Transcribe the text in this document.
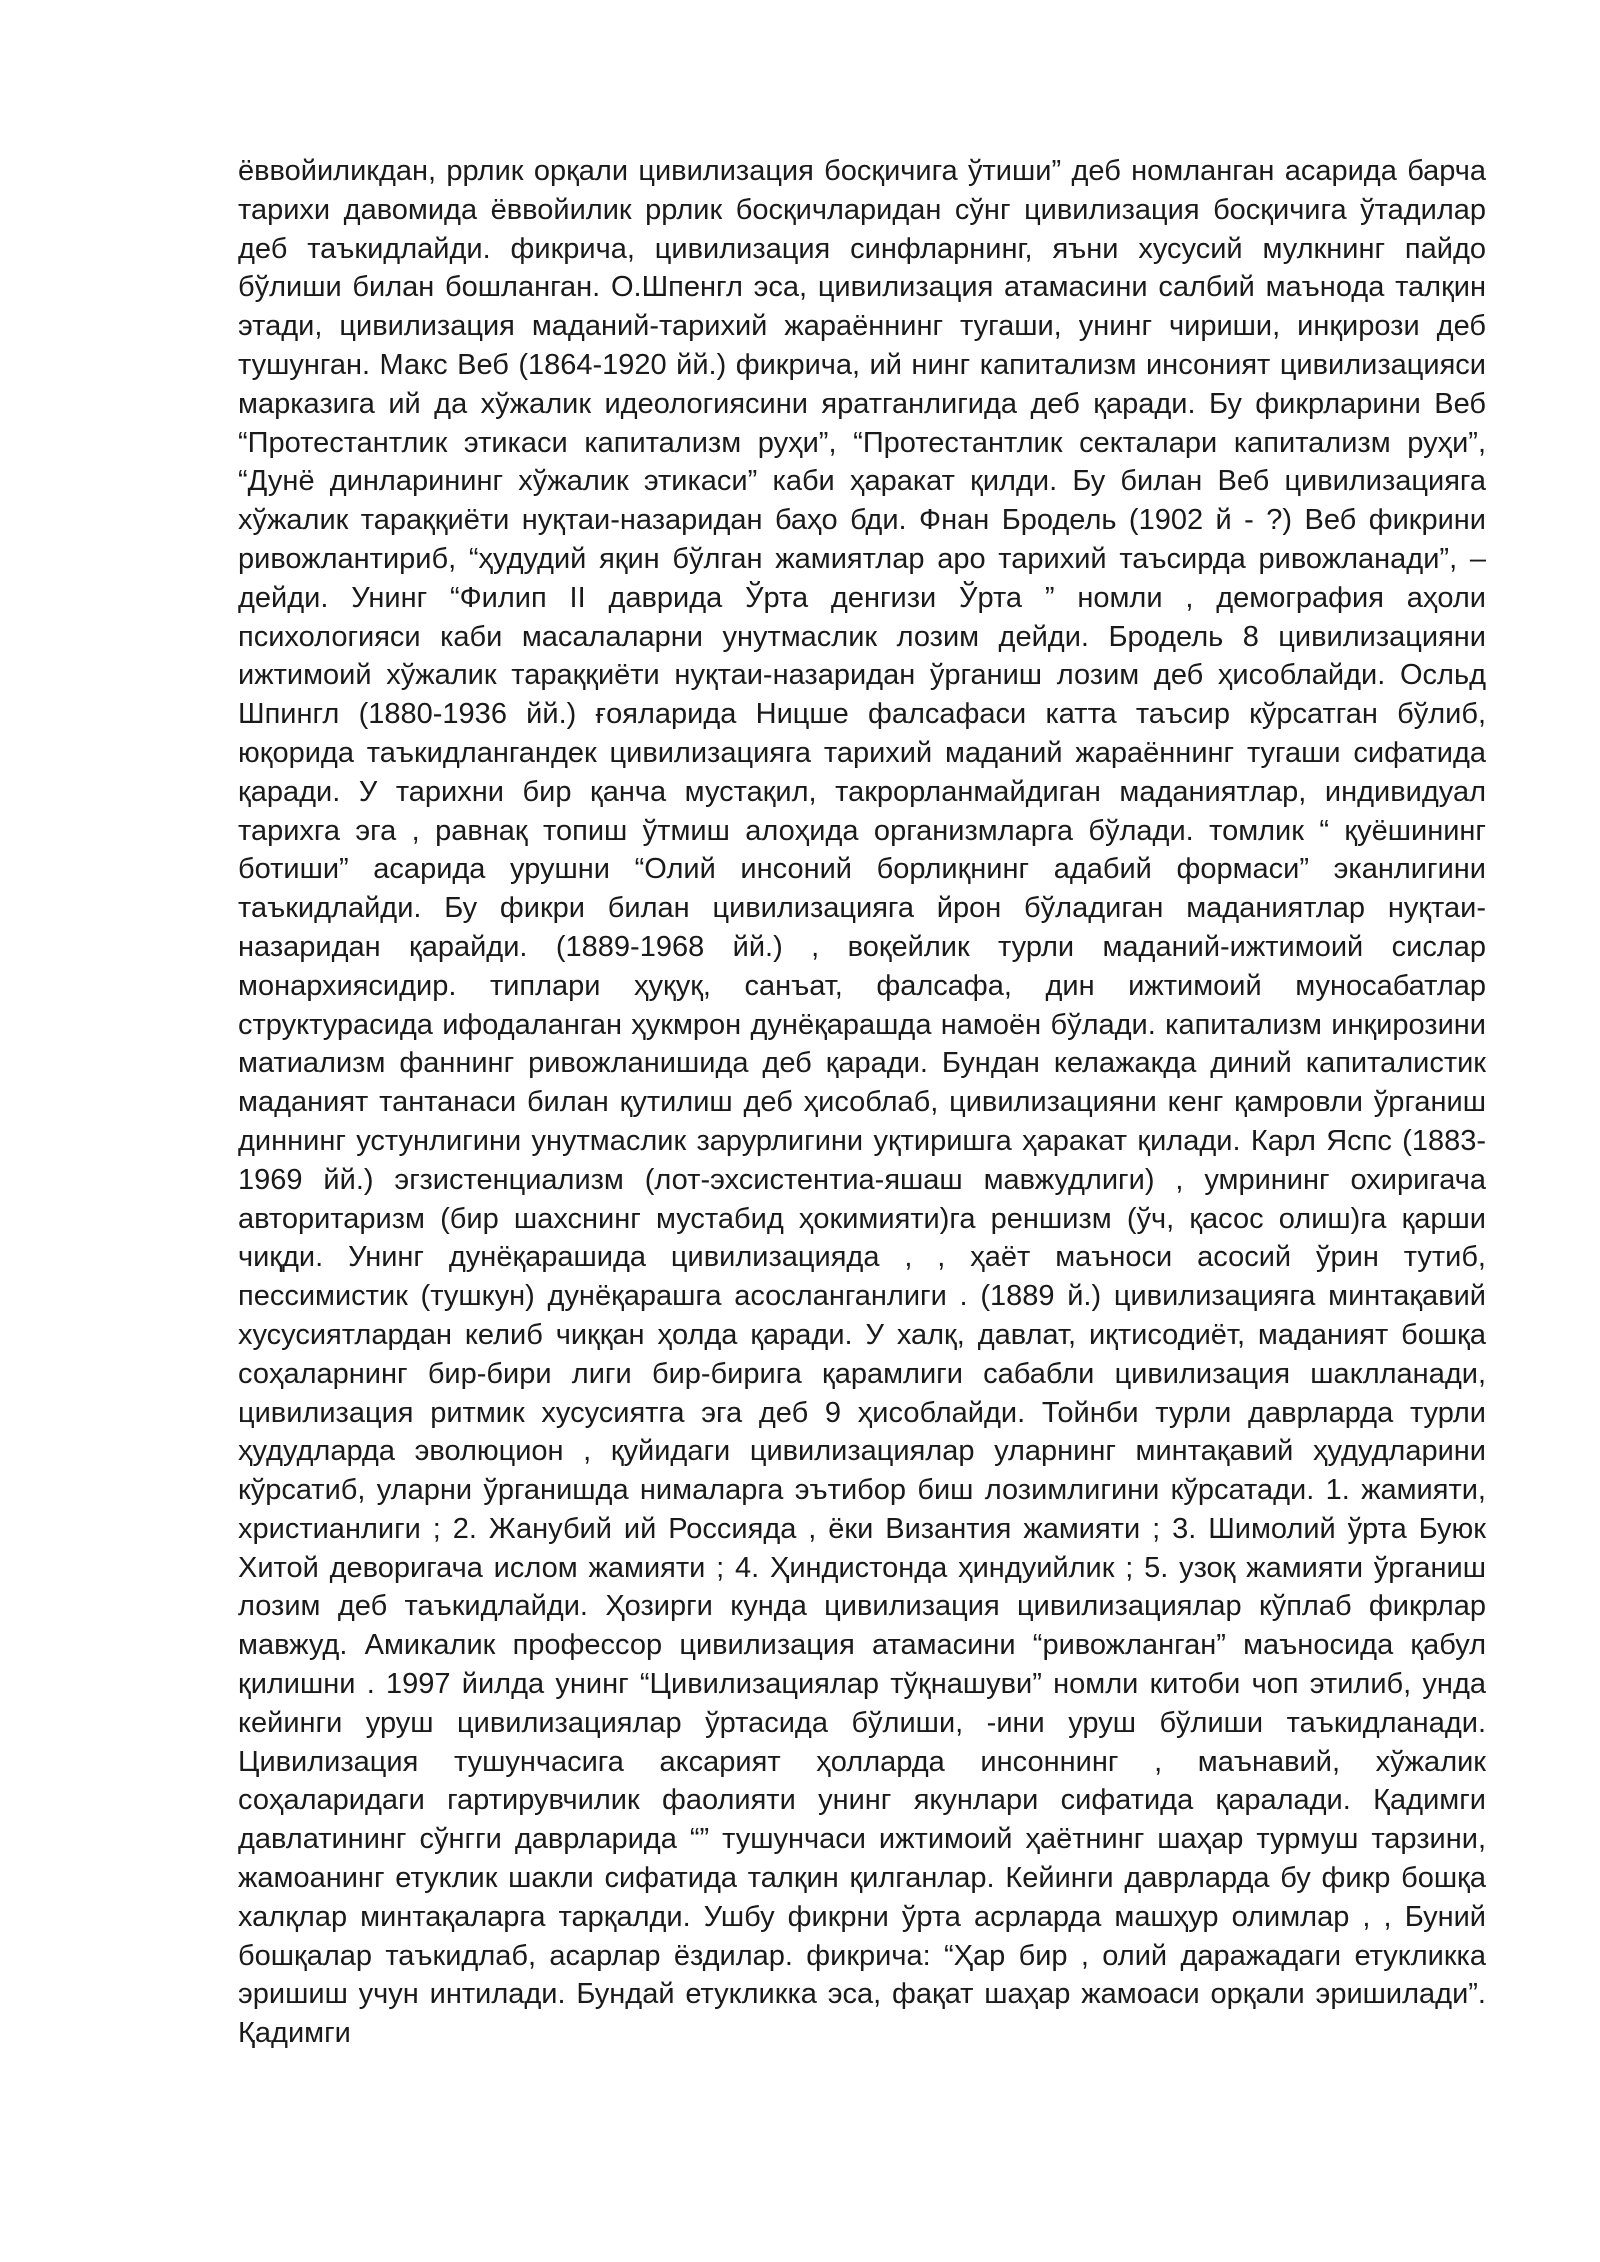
ёввойиликдан, ррлик орқали цивилизация босқичига ўтиши” деб номланган асарида барча тарихи давомида ёввойилик ррлик босқичларидан сўнг цивилизация босқичига ўтадилар деб таъкидлайди. фикрича, цивилизация синфларнинг, яъни хусусий мулкнинг пайдо бўлиши билан бошланган. О.Шпенгл эса, цивилизация атамасини салбий маънода талқин этади, цивилизация маданий-тарихий жараённинг тугаши, унинг чириши, инқирози деб тушунган. Макс Веб (1864-1920 йй.) фикрича, ий нинг капитализм инсоният цивилизацияси марказига ий да хўжалик идеологиясини яратганлигида деб қаради. Бу фикрларини Веб “Протестантлик этикаси капитализм руҳи”, “Протестантлик секталари капитализм руҳи”, “Дунё динларининг хўжалик этикаси” каби ҳаракат қилди. Бу билан Веб цивилизацияга хўжалик тараққиёти нуқтаи-назаридан баҳо бди. Фнан Бродель (1902 й - ?) Веб фикрини ривожлантириб, “ҳудудий яқин бўлган жамиятлар аро тарихий таъсирда ривожланади”, – дейди. Унинг “Филип II даврида Ўрта денгизи Ўрта ” номли , демография аҳоли психологияси каби масалаларни унутмаслик лозим дейди. Бродель 8 цивилизацияни ижтимоий хўжалик тараққиёти нуқтаи-назаридан ўрганиш лозим деб ҳисоблайди. Осльд Шпингл (1880-1936 йй.) ғояларида Ницше фалсафаси катта таъсир кўрсатган бўлиб, юқорида таъкидлангандек цивилизацияга тарихий маданий жараённинг тугаши сифатида қаради. У тарихни бир қанча мустақил, такрорланмайдиган маданиятлар, индивидуал тарихга эга , равнақ топиш ўтмиш алоҳида организмларга бўлади. томлик “ қуёшининг ботиши” асарида урушни “Олий инсоний борлиқнинг адабий формаси” эканлигини таъкидлайди. Бу фикри билан цивилизацияга йрон бўладиган маданиятлар нуқтаи-назаридан қарайди. (1889-1968 йй.) , воқейлик турли маданий-ижтимоий сислар монархиясидир. типлари ҳуқуқ, санъат, фалсафа, дин ижтимоий муносабатлар структурасида ифодаланган ҳукмрон дунёқарашда намоён бўлади. капитализм инқирозини матиализм фаннинг ривожланишида деб қаради. Бундан келажакда диний капиталистик маданият тантанаси билан қутилиш деб ҳисоблаб, цивилизацияни кенг қамровли ўрганиш диннинг устунлигини унутмаслик зарурлигини уқтиришга ҳаракат қилади. Карл Яспс (1883-1969 йй.) эгзистенциализм (лот-эхсистентиа-яшаш мавжудлиги) , умрининг охиригача авторитаризм (бир шахснинг мустабид ҳокимияти)га реншизм (ўч, қасос олиш)га қарши чиқди. Унинг дунёқарашида цивилизацияда , , ҳаёт маъноси асосий ўрин тутиб, пессимистик (тушкун) дунёқарашга асосланганлиги . (1889 й.) цивилизацияга минтақавий хусусиятлардан келиб чиққан ҳолда қаради. У халқ, давлат, иқтисодиёт, маданият бошқа соҳаларнинг бир-бири лиги бир-бирига қарамлиги сабабли цивилизация шаклланади, цивилизация ритмик хусусиятга эга деб 9 ҳисоблайди. Тойнби турли даврларда турли ҳудудларда эволюцион , қуйидаги цивилизациялар уларнинг минтақавий ҳудудларини кўрсатиб, уларни ўрганишда нималарга эътибор биш лозимлигини кўрсатади. 1. жамияти, христианлиги ; 2. Жанубий ий Россияда , ёки Византия жамияти ; 3. Шимолий ўрта Буюк Хитой деворигача ислом жамияти ; 4. Ҳиндистонда ҳиндуийлик ; 5. узоқ жамияти ўрганиш лозим деб таъкидлайди. Ҳозирги кунда цивилизация цивилизациялар кўплаб фикрлар мавжуд. Амикалик профессор цивилизация атамасини “ривожланган” маъносида қабул қилишни . 1997 йилда унинг “Цивилизациялар тўқнашуви” номли китоби чоп этилиб, унда кейинги уруш цивилизациялар ўртасида бўлиши, -ини уруш бўлиши таъкидланади. Цивилизация тушунчасига аксарият ҳолларда инсоннинг , маънавий, хўжалик соҳаларидаги гартирувчилик фаолияти унинг якунлари сифатида қаралади. Қадимги давлатининг сўнгги даврларида “” тушунчаси ижтимоий ҳаётнинг шаҳар турмуш тарзини, жамоанинг етуклик шакли сифатида талқин қилганлар. Кейинги даврларда бу фикр бошқа халқлар минтақаларга тарқалди. Ушбу фикрни ўрта асрларда машҳур олимлар , , Буний бошқалар таъкидлаб, асарлар ёздилар. фикрича: “Ҳар бир , олий даражадаги етукликка эришиш учун интилади. Бундай етукликка эса, фақат шаҳар жамоаси орқали эришилади”. Қадимги
